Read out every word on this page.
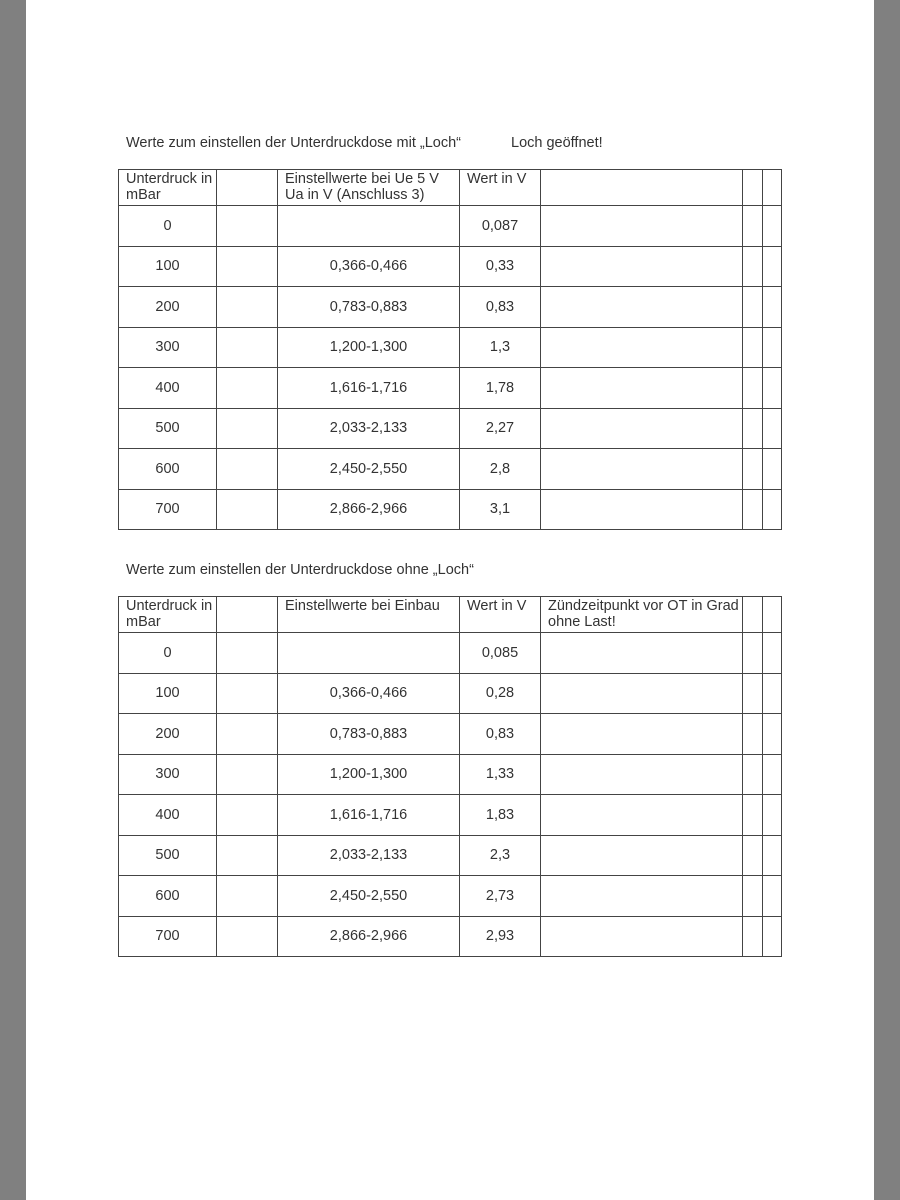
Werte zum einstellen der Unterdruckdose mit „Loch“	Loch geöffnet!
Unterdruck in mBar		Einstellwerte bei Ue 5 V Ua in V (Anschluss 3)	Wert in V			
0			0,087			
100		0,366-0,466	0,33			
200		0,783-0,883	0,83			
300		1,200-1,300	1,3			
400		1,616-1,716	1,78			
500		2,033-2,133	2,27			
600		2,450-2,550	2,8			
700		2,866-2,966	3,1			
Werte zum einstellen der Unterdruckdose ohne „Loch“
Unterdruck in mBar		Einstellwerte bei Einbau	Wert in V	Zündzeitpunkt vor OT in Grad ohne Last!		
0			0,085			
100		0,366-0,466	0,28			
200		0,783-0,883	0,83			
300		1,200-1,300	1,33			
400		1,616-1,716	1,83			
500		2,033-2,133	2,3			
600		2,450-2,550	2,73			
700		2,866-2,966	2,93			
